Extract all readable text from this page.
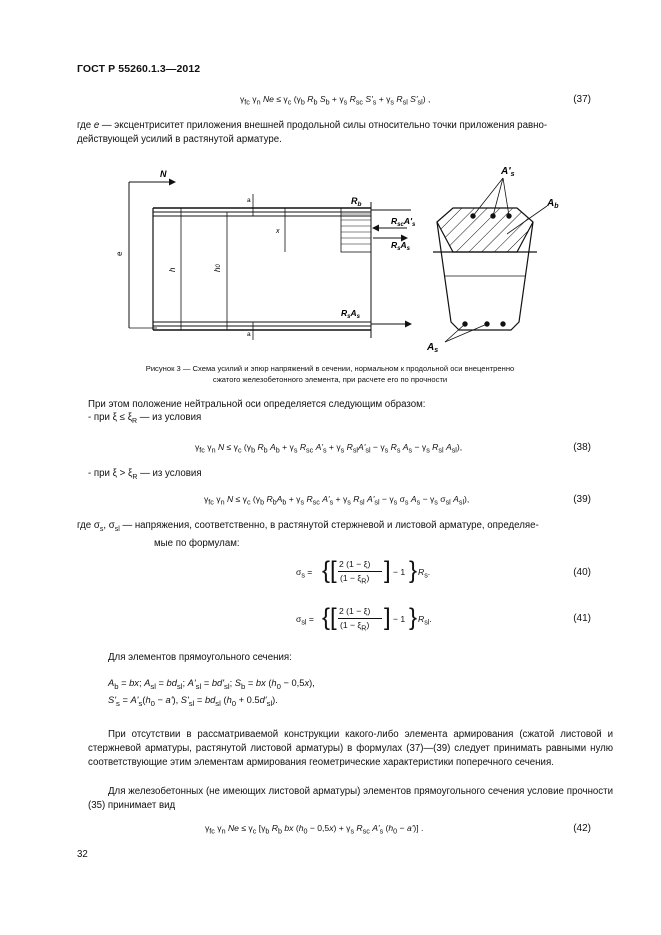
ГОСТ Р 55260.1.3—2012
$\gamma_{fc}$ $\gamma_n$ $Ne \le \gamma_c$ ($\gamma_b$ $R_b$ $S_b + \gamma_s$ $R_{sc}$ $S'_s + \gamma_s$ $R_{sl}$ $S'_{sl}$) ,	(37)
где e — эксцентриситет приложения внешней продольной силы относительно точки приложения равно-
действующей усилий в растянутой арматуре.
e
N
h	h0
a
a
x
$R_b$
$R_{sc}A'_s$
$R_sA_s$
$R_sA_s$
$A'_s$
$A_b$
$A_s$
Рисунок 3 — Схема усилий и эпюр напряжений в сечении, нормальном к продольной оси внецентренно
сжатого железобетонного элемента, при расчете его по прочности
При этом положение нейтральной оси определяется следующим образом:
- при $\xi \le \xi_R$ — из условия
$\gamma_{fc}$ $\gamma_n$ $N \le \gamma_c$ ($\gamma_b$ $R_b$ $A_b + \gamma_s$ $R_{sc}$ $A'_s + \gamma_s$ $R_{sl}A'_{sl} - \gamma_s$ $R_s$ $A_s - \gamma_s$ $R_{sl}$ $A_{sl}$),	(38)
- при $\xi > \xi_R$ — из условия
$\gamma_{fc}$ $\gamma_n$ $N \le \gamma_c$ ($\gamma_b$ $R_bA_b + \gamma_s$ $R_{sc}$ $A'_s + \gamma_s$ $R_{sl}$ $A'_{sl} - \gamma_s$ $\sigma_s$ $A_s - \gamma_s$ $\sigma_{sl}$ $A_{sl}$),	(39)
где $\sigma_s$, $\sigma_{sl}$ — напряжения, соответственно, в растянутой стержневой и листовой арматуре, определяе-
мые по формулам:
$\sigma_s$ = { [ 2 (1 − ξ)
$(1 - \xi_R)$ ] − 1 } $R_s$.	(40)
$\sigma_{sl}$ = { [ 2 (1 − ξ)
$(1 - \xi_R)$ ] − 1 } $R_{sl}$.	(41)
Для элементов прямоугольного сечения:
$A_b$ = bx; $A_{sl} = bd_{sl}$; $A'_{sl} = bd'_{sl}$; $S_b$ = bx $(h_0 - 0,5x)$,
$S'_s = A'_s(h_0 - a')$, $S'_{sl} = bd_{sl}$ $(h_0 + 0.5d'_{sl})$.
При отсутствии в рассматриваемой конструкции какого-либо элемента армирования (сжатой листовой и стержневой арматуры, растянутой листовой арматуры) в формулах (37)—(39) следует принимать равными нулю соответствующие этим элементам армирования геометрические характеристики поперечного сечения.
Для железобетонных (не имеющих листовой арматуры) элементов прямоугольного сечения условие прочности (35) принимает вид
$\gamma_{fc}$ $\gamma_n$ $Ne \le \gamma_c$ [$\gamma_b$ $R_b$ bx $(h_0 - 0,5x) + \gamma_s$ $R_{sc}$ $A'_s$ $(h_0 - a')$] .	(42)
32
